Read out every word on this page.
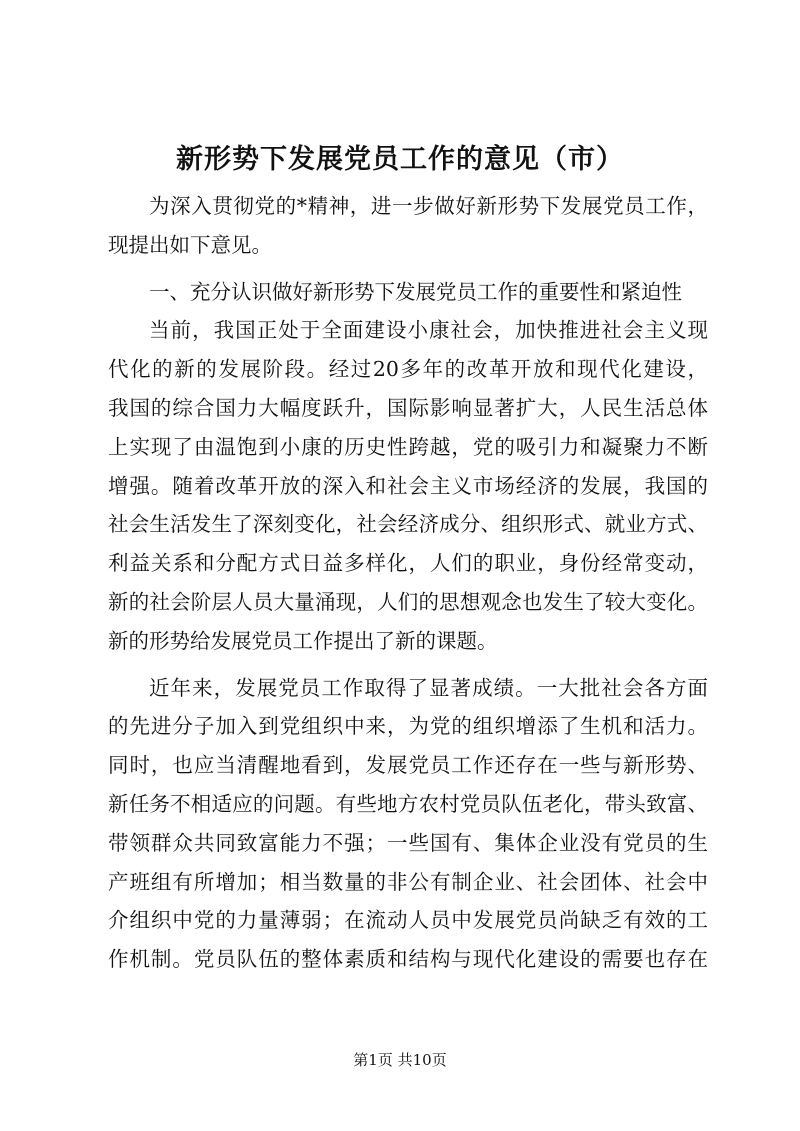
新形势下发展党员工作的意见（市）
为深入贯彻党的*精神，进一步做好新形势下发展党员工作，
现提出如下意见。
一、充分认识做好新形势下发展党员工作的重要性和紧迫性
当前，我国正处于全面建设小康社会，加快推进社会主义现
代化的新的发展阶段。经过20多年的改革开放和现代化建设，
我国的综合国力大幅度跃升，国际影响显著扩大，人民生活总体
上实现了由温饱到小康的历史性跨越，党的吸引力和凝聚力不断
增强。随着改革开放的深入和社会主义市场经济的发展，我国的
社会生活发生了深刻变化，社会经济成分、组织形式、就业方式、
利益关系和分配方式日益多样化，人们的职业，身份经常变动，
新的社会阶层人员大量涌现，人们的思想观念也发生了较大变化。
新的形势给发展党员工作提出了新的课题。
近年来，发展党员工作取得了显著成绩。一大批社会各方面
的先进分子加入到党组织中来，为党的组织增添了生机和活力。
同时，也应当清醒地看到，发展党员工作还存在一些与新形势、
新任务不相适应的问题。有些地方农村党员队伍老化，带头致富、
带领群众共同致富能力不强；一些国有、集体企业没有党员的生
产班组有所增加；相当数量的非公有制企业、社会团体、社会中
介组织中党的力量薄弱；在流动人员中发展党员尚缺乏有效的工
作机制。党员队伍的整体素质和结构与现代化建设的需要也存在
第1页 共10页
